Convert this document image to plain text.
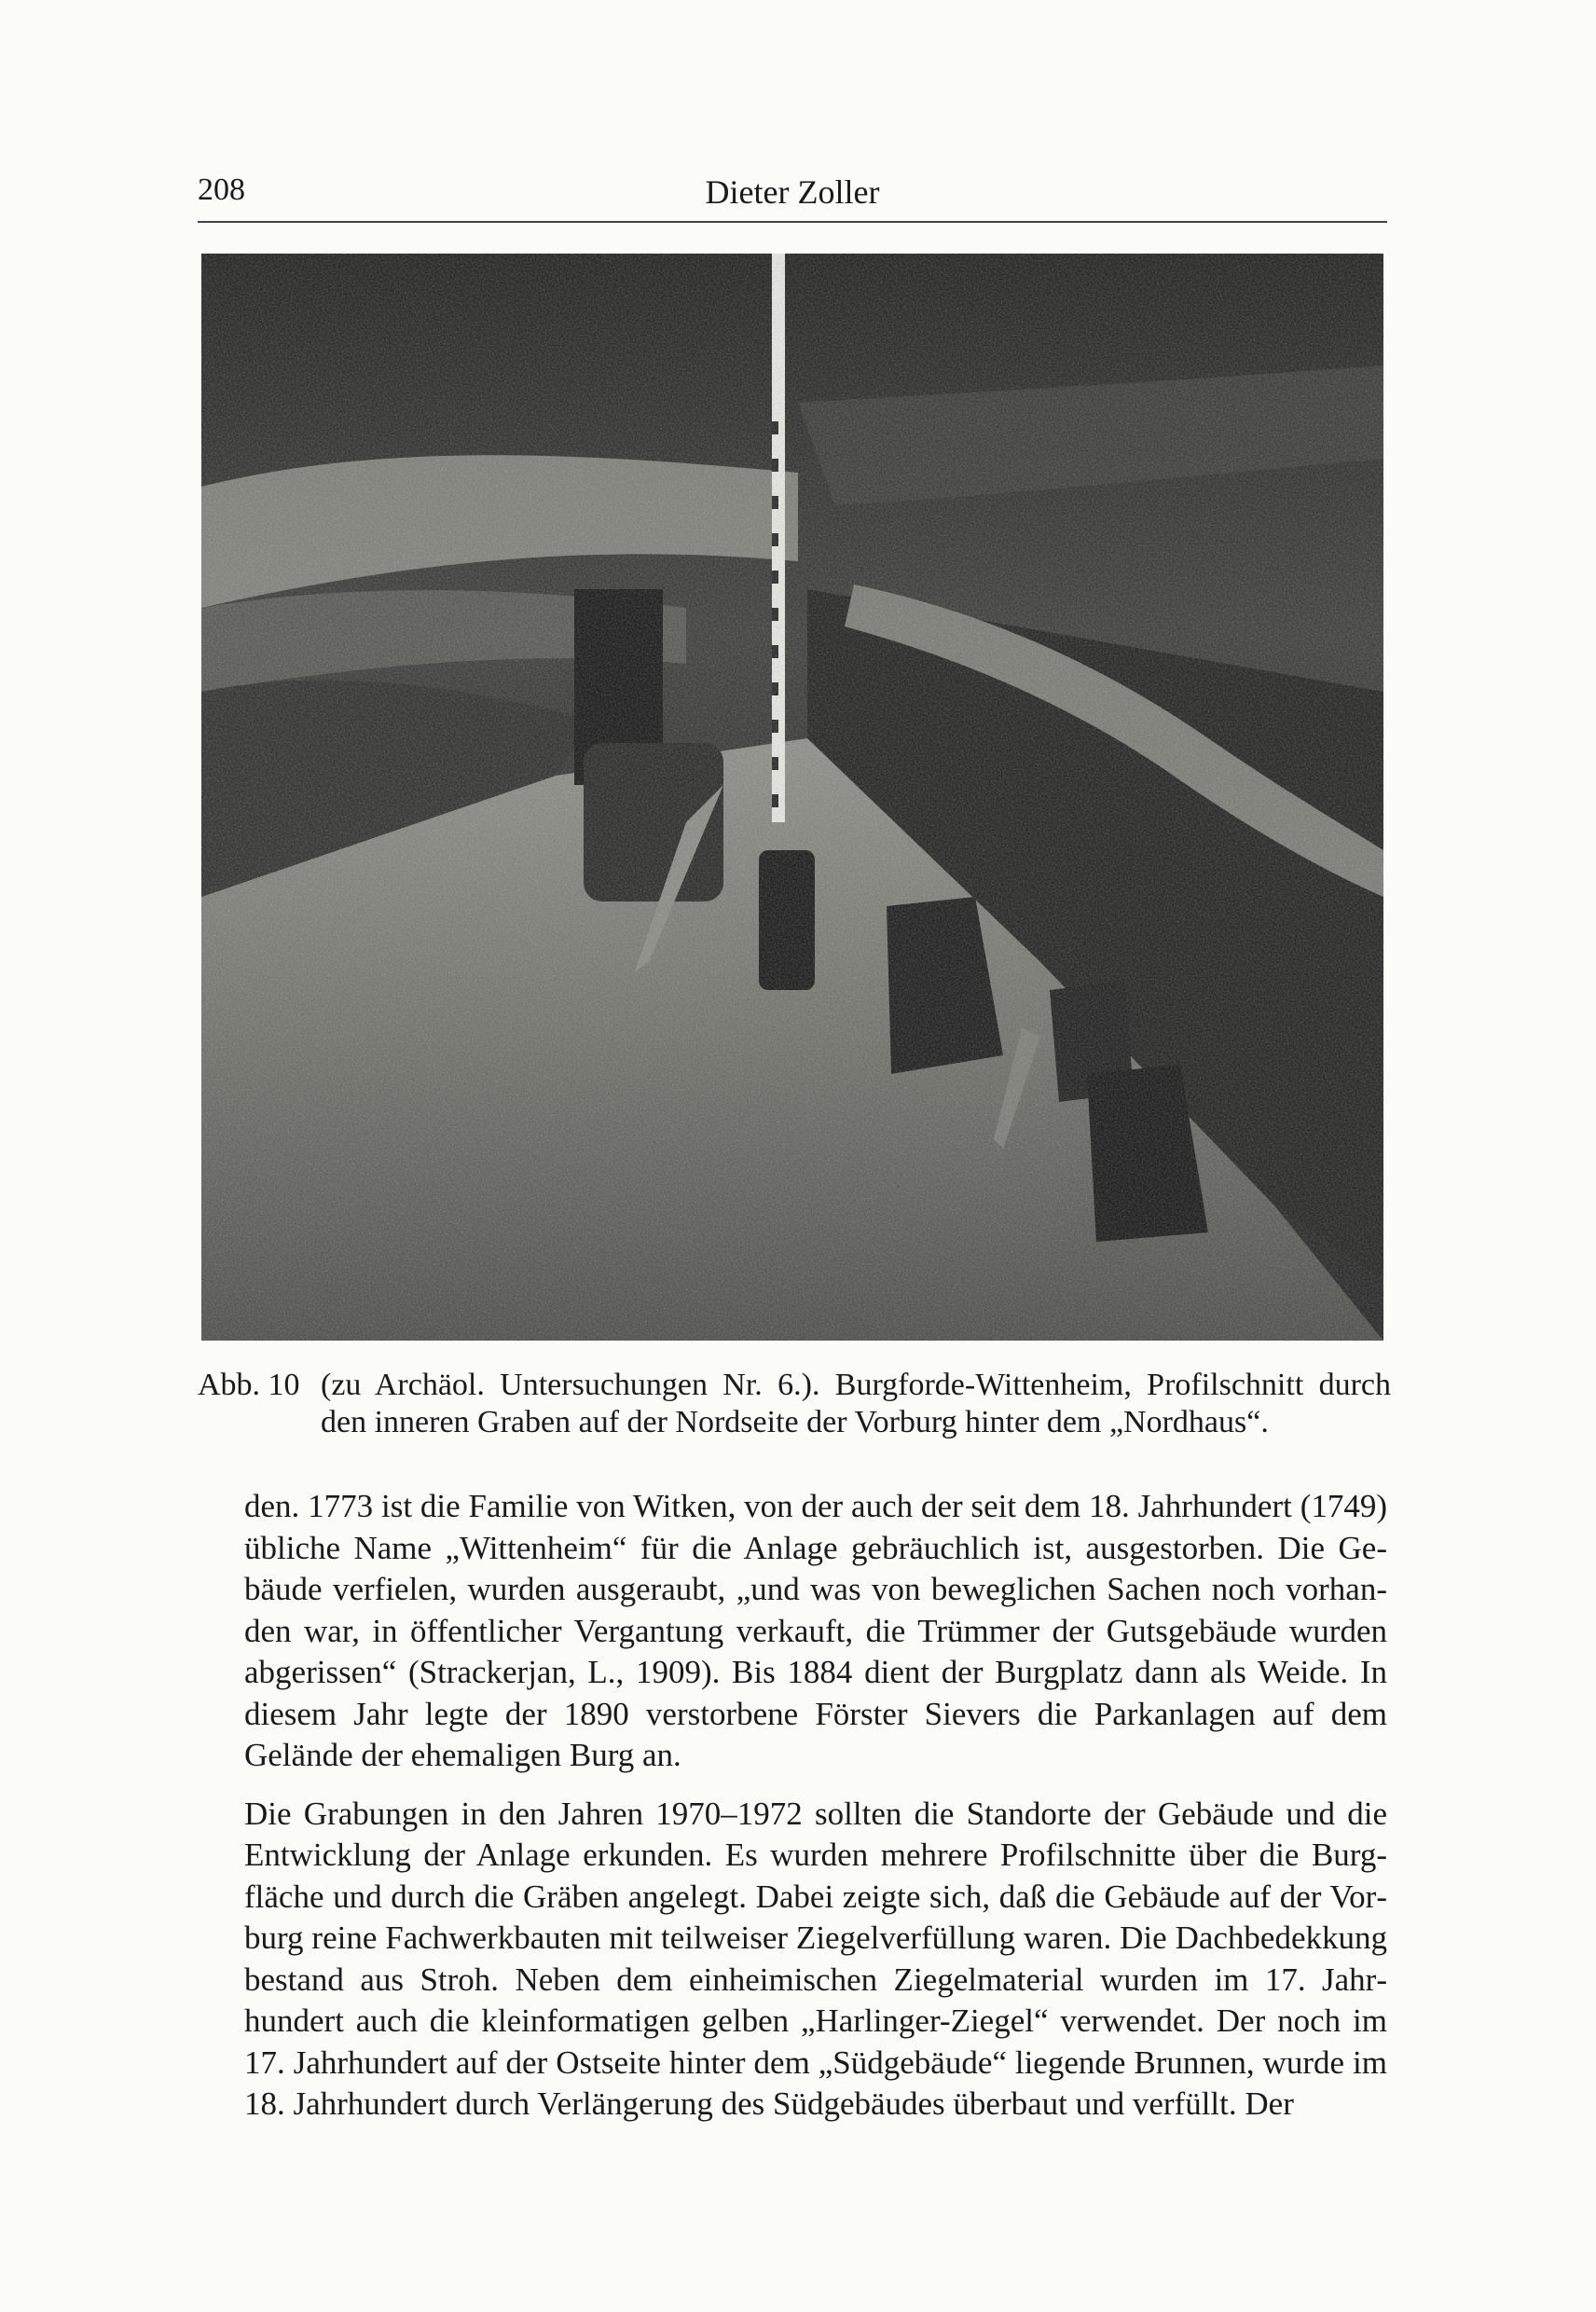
208	Dieter Zoller
Abb. 10 (zu Archäol. Untersuchungen Nr. 6.). Burgforde-Wittenheim, Profilschnitt durch den inneren Graben auf der Nordseite der Vorburg hinter dem „Nordhaus“.

den. 1773 ist die Familie von Witken, von der auch der seit dem 18. Jahrhundert (1749) übliche Name „Wittenheim“ für die Anlage gebräuchlich ist, ausgestorben. Die Gebäude verfielen, wurden ausgeraubt, „und was von beweglichen Sachen noch vorhanden war, in öffentlicher Vergantung verkauft, die Trümmer der Gutsgebäude wurden abgerissen“ (Strackerjan, L., 1909). Bis 1884 dient der Burgplatz dann als Weide. In diesem Jahr legte der 1890 verstorbene Förster Sievers die Parkanlagen auf dem Gelände der ehemaligen Burg an.

Die Grabungen in den Jahren 1970–1972 sollten die Standorte der Gebäude und die Entwicklung der Anlage erkunden. Es wurden mehrere Profilschnitte über die Burgfläche und durch die Gräben angelegt. Dabei zeigte sich, daß die Gebäude auf der Vorburg reine Fachwerkbauten mit teilweiser Ziegelverfüllung waren. Die Dachbedekkung bestand aus Stroh. Neben dem einheimischen Ziegelmaterial wurden im 17. Jahrhundert auch die kleinformatigen gelben „Harlinger-Ziegel“ verwendet. Der noch im 17. Jahrhundert auf der Ostseite hinter dem „Südgebäude“ liegende Brunnen, wurde im 18. Jahrhundert durch Verlängerung des Südgebäudes überbaut und verfüllt. Der
